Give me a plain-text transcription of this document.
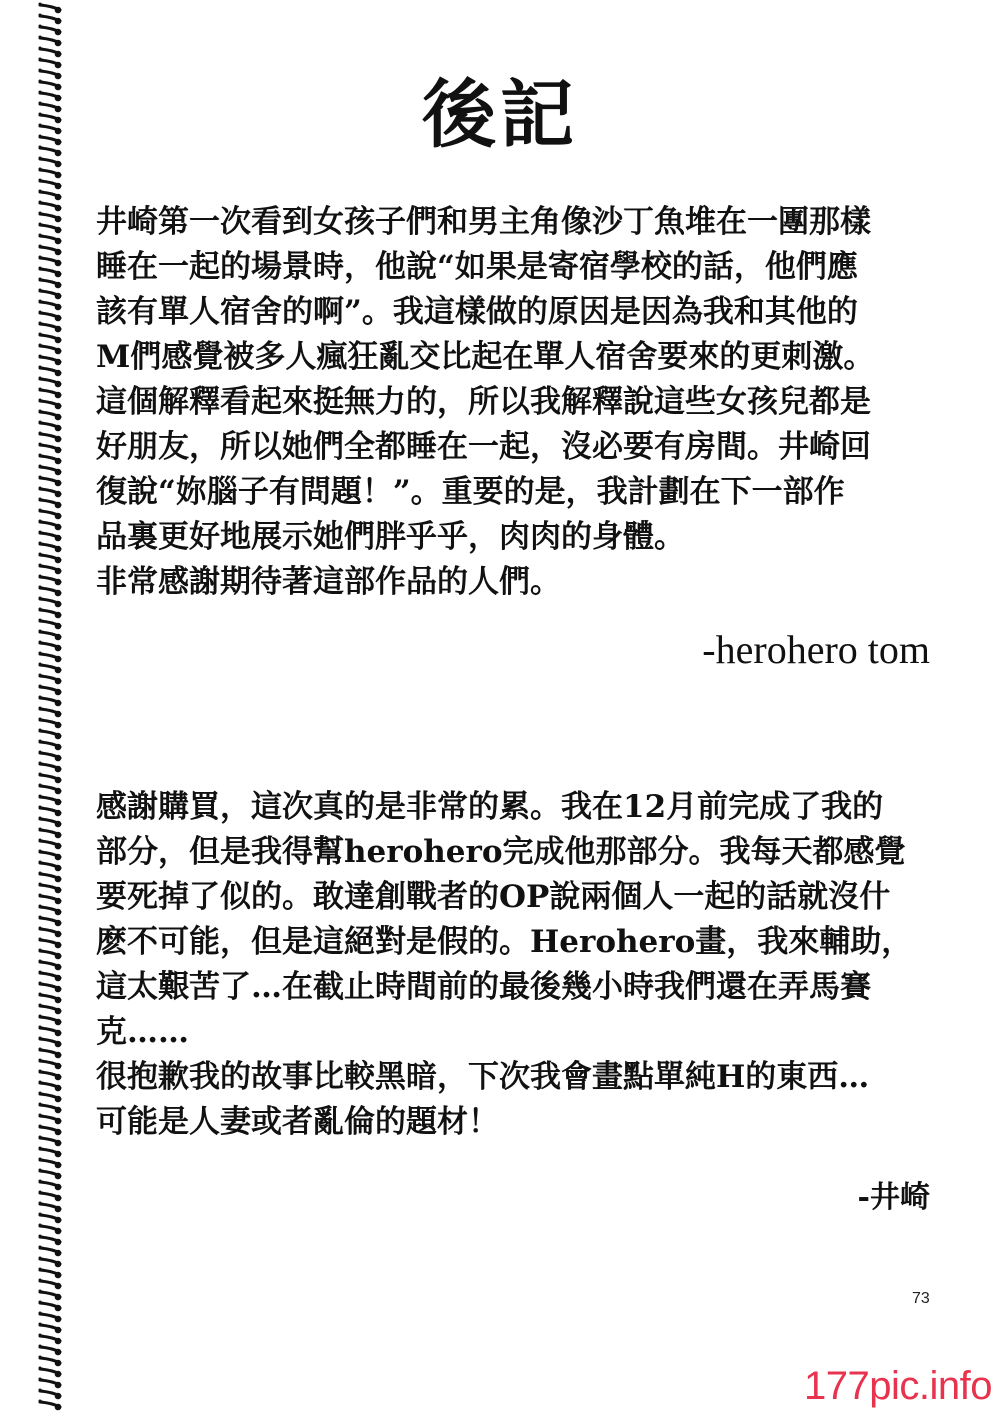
後記
井崎第一次看到女孩子們和男主角像沙丁魚堆在一團那樣
睡在一起的場景時，他說“如果是寄宿學校的話，他們應
該有單人宿舍的啊”。我這樣做的原因是因為我和其他的
M們感覺被多人瘋狂亂交比起在單人宿舍要來的更刺激。
這個解釋看起來挺無力的，所以我解釋說這些女孩兒都是
好朋友，所以她們全都睡在一起，沒必要有房間。井崎回
復說“妳腦子有問題！”。重要的是，我計劃在下一部作
品裏更好地展示她們胖乎乎，肉肉的身體。
非常感謝期待著這部作品的人們。
-herohero tom
感謝購買，這次真的是非常的累。我在12月前完成了我的
部分，但是我得幫herohero完成他那部分。我每天都感覺
要死掉了似的。敢達創戰者的OP說兩個人一起的話就沒什
麽不可能，但是這絕對是假的。Herohero畫，我來輔助，
這太艱苦了…在截止時間前的最後幾小時我們還在弄馬賽
克……
很抱歉我的故事比較黑暗，下次我會畫點單純H的東西…
可能是人妻或者亂倫的題材！
-井崎
73
177pic.info
